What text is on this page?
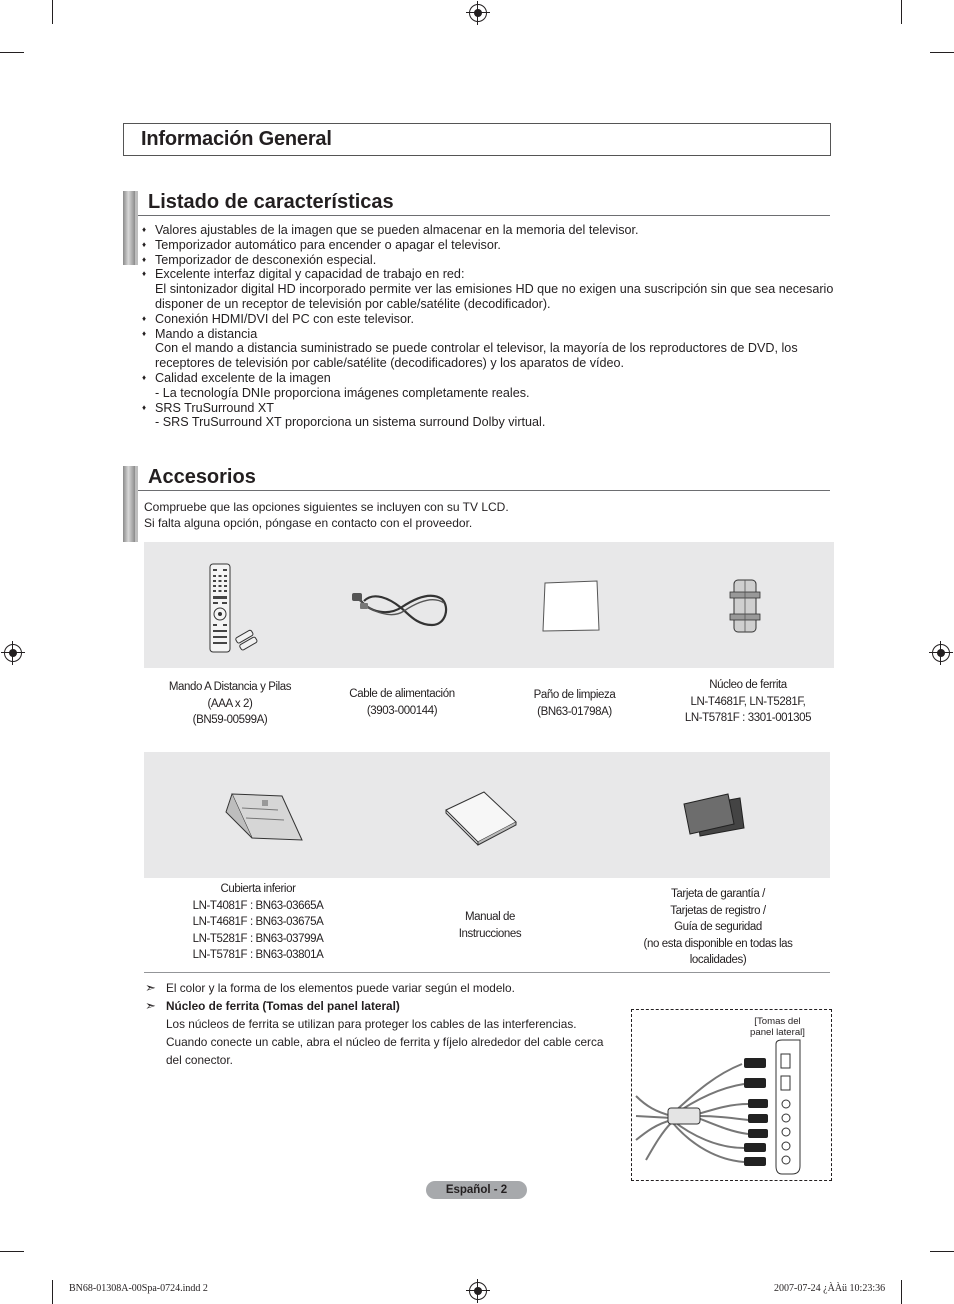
Información General
Listado de características
♦ Valores ajustables de la imagen que se pueden almacenar en la memoria del televisor.
♦ Temporizador automático para encender o apagar el televisor.
♦ Temporizador de desconexión especial.
♦ Excelente interfaz digital y capacidad de trabajo en red:
El sintonizador digital HD incorporado permite ver las emisiones HD que no exigen una suscripción sin que sea necesario disponer de un receptor de televisión por cable/satélite (decodificador).
♦ Conexión HDMI/DVI del PC con este televisor.
♦ Mando a distancia
Con el mando a distancia suministrado se puede controlar el televisor, la mayoría de los reproductores de DVD, los receptores de televisión por cable/satélite (decodificadores) y los aparatos de vídeo.
♦ Calidad excelente de la imagen
- La tecnología DNIe proporciona imágenes completamente reales.
♦ SRS TruSurround XT
- SRS TruSurround XT proporciona un sistema surround Dolby virtual.
Accesorios
Compruebe que las opciones siguientes se incluyen con su TV LCD.
Si falta alguna opción, póngase en contacto con el proveedor.
Mando A Distancia y Pilas
(AAA x 2)
(BN59-00599A)
Cable de alimentación
(3903-000144)
Paño de limpieza
(BN63-01798A)
Núcleo de ferrita
LN-T4681F, LN-T5281F,
LN-T5781F : 3301-001305
Cubierta inferior
LN-T4081F : BN63-03665A
LN-T4681F : BN63-03675A
LN-T5281F : BN63-03799A
LN-T5781F : BN63-03801A
Manual de
Instrucciones
Tarjeta de garantía /
Tarjetas de registro /
Guía de seguridad
(no esta disponible en todas las
localidades)
➣ El color y la forma de los elementos puede variar según el modelo.
➣ Núcleo de ferrita (Tomas del panel lateral)
Los núcleos de ferrita se utilizan para proteger los cables de las interferencias.
Cuando conecte un cable, abra el núcleo de ferrita y fíjelo alrededor del cable cerca
del conector.
[Tomas del
panel lateral]
Español - 2
BN68-01308A-00Spa-0724.indd 2	2007-07-24 ¿ÀÀü 10:23:36
